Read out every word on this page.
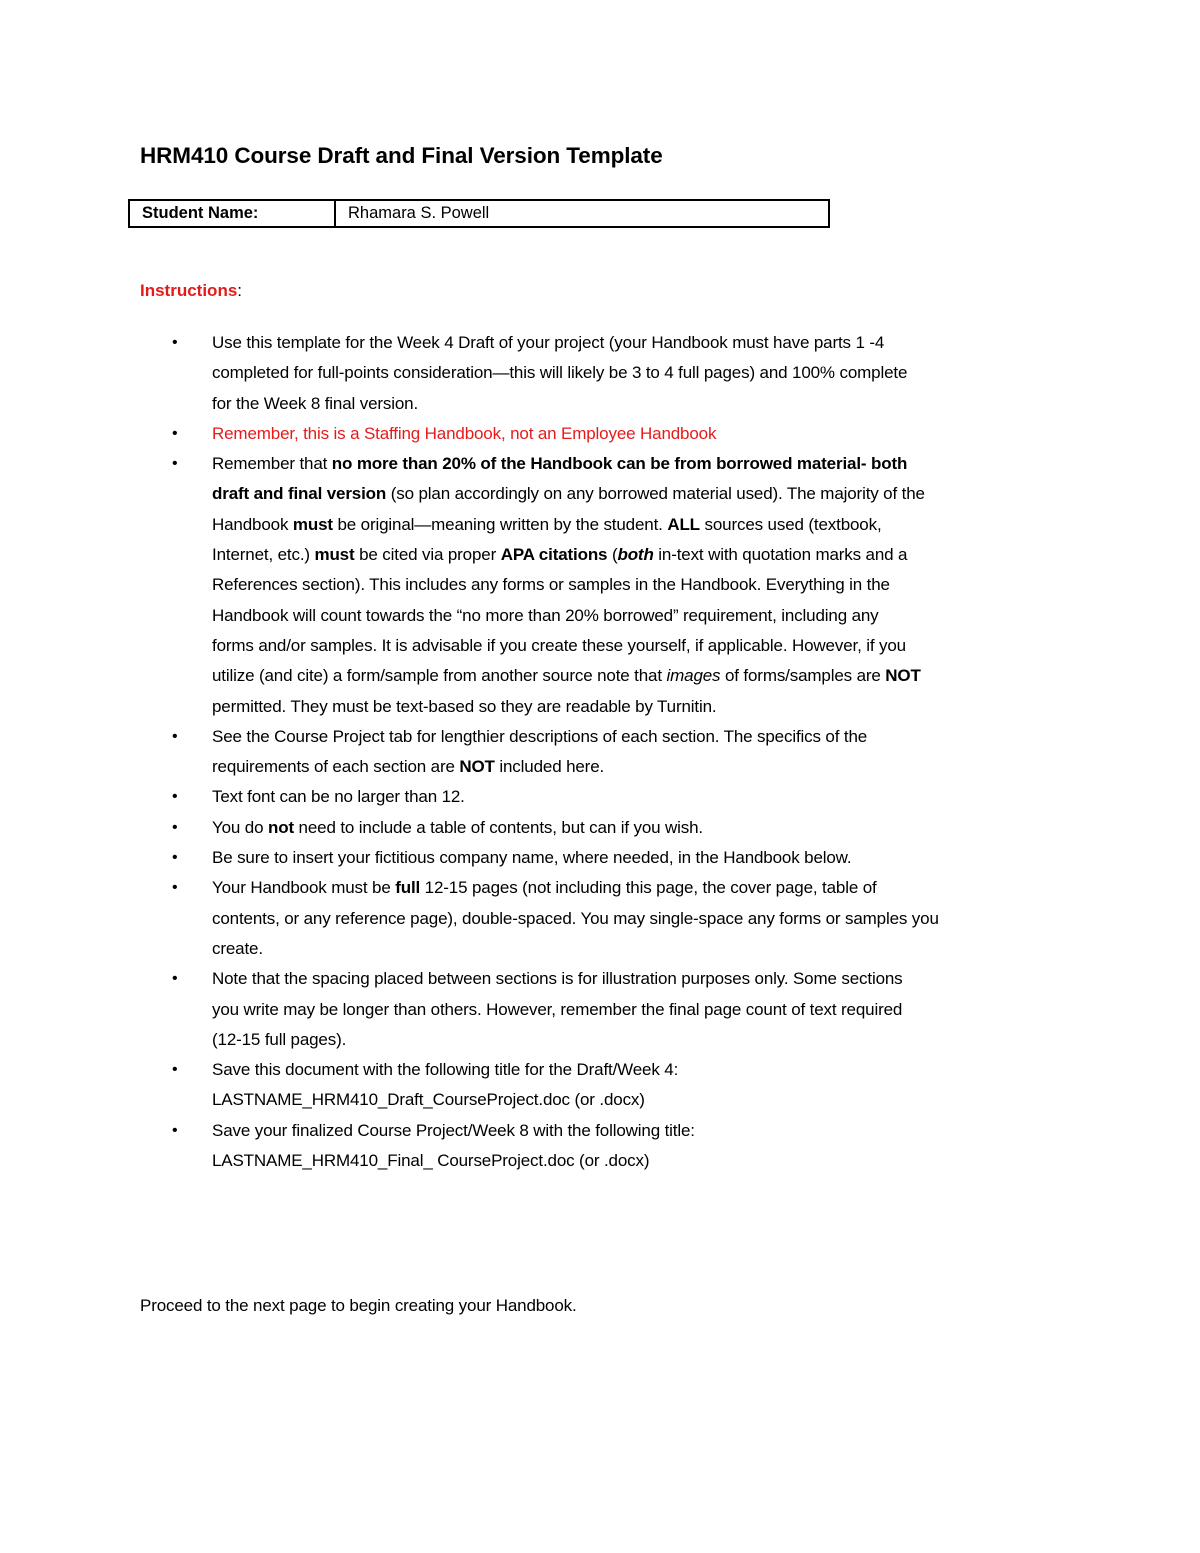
HRM410 Course Draft and Final Version Template
Student Name:	Rhamara S. Powell

Instructions:

• Use this template for the Week 4 Draft of your project (your Handbook must have parts 1 -4
completed for full-points consideration—this will likely be 3 to 4 full pages) and 100% complete
for the Week 8 final version.
• Remember, this is a Staffing Handbook, not an Employee Handbook
• Remember that no more than 20% of the Handbook can be from borrowed material- both
draft and final version (so plan accordingly on any borrowed material used). The majority of the
Handbook must be original—meaning written by the student. ALL sources used (textbook,
Internet, etc.) must be cited via proper APA citations (both in-text with quotation marks and a
References section). This includes any forms or samples in the Handbook. Everything in the
Handbook will count towards the “no more than 20% borrowed” requirement, including any
forms and/or samples. It is advisable if you create these yourself, if applicable. However, if you
utilize (and cite) a form/sample from another source note that images of forms/samples are NOT
permitted. They must be text-based so they are readable by Turnitin.
• See the Course Project tab for lengthier descriptions of each section. The specifics of the
requirements of each section are NOT included here.
• Text font can be no larger than 12.
• You do not need to include a table of contents, but can if you wish.
• Be sure to insert your fictitious company name, where needed, in the Handbook below.
• Your Handbook must be full 12-15 pages (not including this page, the cover page, table of
contents, or any reference page), double-spaced. You may single-space any forms or samples you
create.
• Note that the spacing placed between sections is for illustration purposes only. Some sections
you write may be longer than others. However, remember the final page count of text required
(12-15 full pages).
• Save this document with the following title for the Draft/Week 4:
LASTNAME_HRM410_Draft_CourseProject.doc (or .docx)
• Save your finalized Course Project/Week 8 with the following title:
LASTNAME_HRM410_Final_ CourseProject.doc (or .docx)

Proceed to the next page to begin creating your Handbook.
